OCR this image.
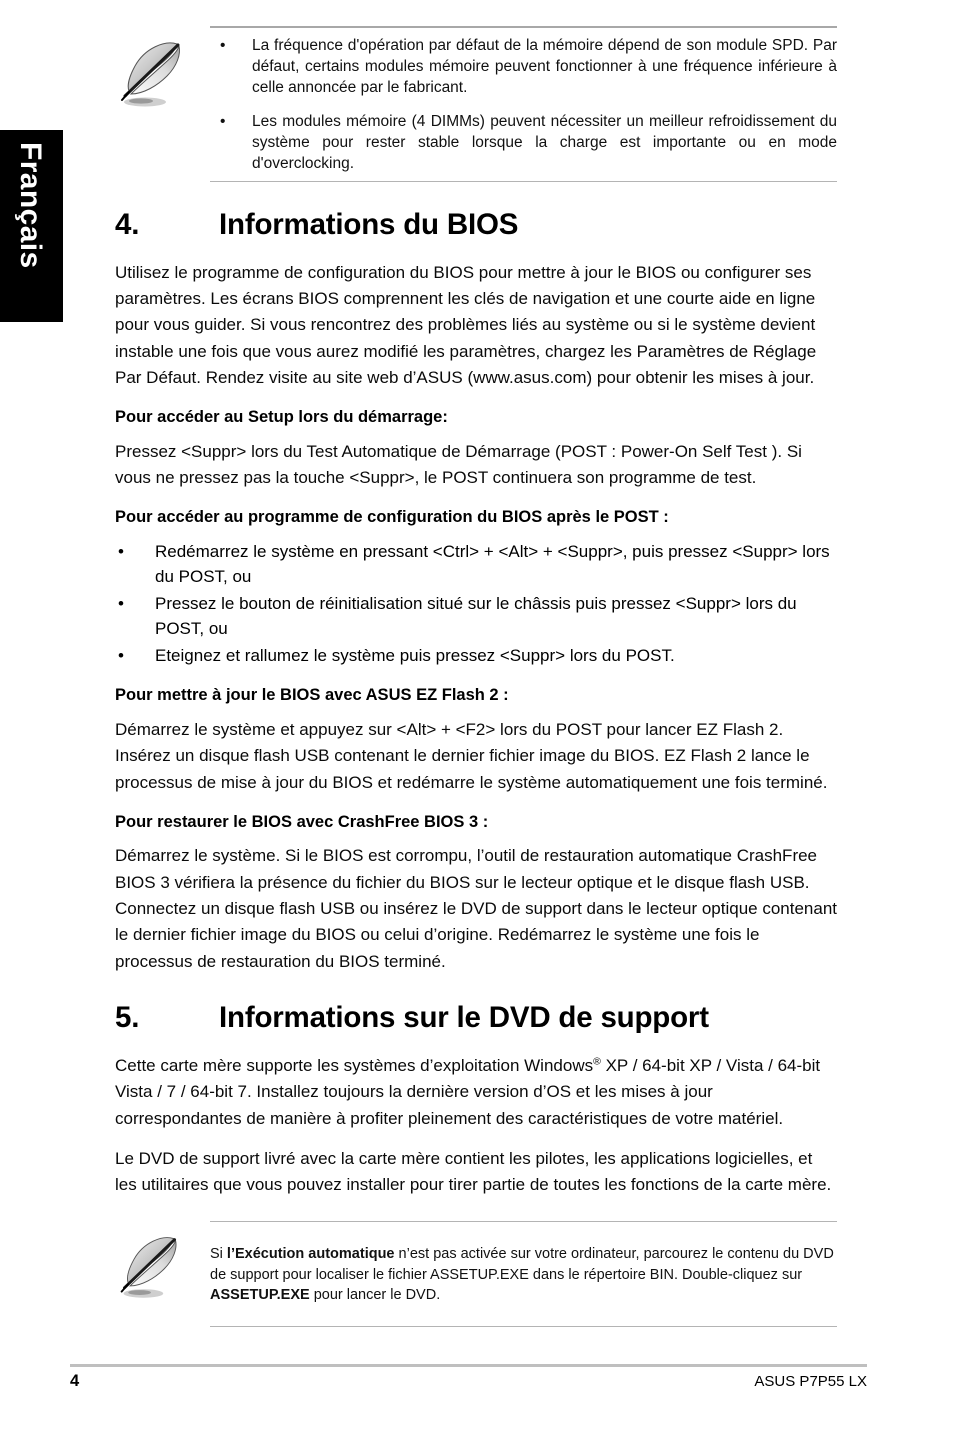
Français
• La fréquence d'opération par défaut de la mémoire dépend de son module SPD. Par défaut, certains modules mémoire peuvent fonctionner à une fréquence inférieure à celle annoncée par le fabricant.
• Les modules mémoire (4 DIMMs) peuvent nécessiter un meilleur refroidissement du système pour rester stable lorsque la charge est importante ou en mode d'overclocking.
4.	Informations du BIOS

Utilisez le programme de configuration du BIOS pour mettre à jour le BIOS ou configurer ses paramètres. Les écrans BIOS comprennent les clés de navigation et une courte aide en ligne pour vous guider. Si vous rencontrez des problèmes liés au système ou si le système devient instable une fois que vous aurez modifié les paramètres, chargez les Paramètres de Réglage Par Défaut. Rendez visite au site web d’ASUS (www.asus.com) pour obtenir les mises à jour.

Pour accéder au Setup lors du démarrage:

Pressez <Suppr> lors du Test Automatique de Démarrage (POST : Power-On Self Test ). Si vous ne pressez pas la touche <Suppr>, le POST continuera son programme de test.

Pour accéder au programme de configuration du BIOS après le POST :
• Redémarrez le système en pressant <Ctrl> + <Alt> + <Suppr>, puis pressez <Suppr> lors du POST, ou
• Pressez le bouton de réinitialisation situé sur le châssis puis pressez <Suppr> lors du POST, ou
• Eteignez et rallumez le système puis pressez <Suppr> lors du POST.
Pour mettre à jour le BIOS avec ASUS EZ Flash 2 :

Démarrez le système et appuyez sur <Alt> + <F2> lors du POST pour lancer EZ Flash 2. Insérez un disque flash USB contenant le dernier fichier image du BIOS. EZ Flash 2 lance le processus de mise à jour du BIOS et redémarre le système automatiquement une fois terminé.

Pour restaurer le BIOS avec CrashFree BIOS 3 :

Démarrez le système. Si le BIOS est corrompu, l’outil de restauration automatique CrashFree BIOS 3 vérifiera la présence du fichier du BIOS sur le lecteur optique et le disque flash USB. Connectez un disque flash USB ou insérez le DVD de support dans le lecteur optique contenant le dernier fichier image du BIOS ou celui d’origine. Redémarrez le système une fois le processus de restauration du BIOS terminé.

5.	Informations sur le DVD de support

Cette carte mère supporte les systèmes d’exploitation Windows® XP / 64-bit XP / Vista / 64-bit Vista / 7 / 64-bit 7. Installez toujours la dernière version d’OS et les mises à jour correspondantes de manière à profiter pleinement des caractéristiques de votre matériel.

Le DVD de support livré avec la carte mère contient les pilotes, les applications logicielles, et les utilitaires que vous pouvez installer pour tirer partie de toutes les fonctions de la carte mère.

Si l’Exécution automatique n’est pas activée sur votre ordinateur, parcourez le contenu du DVD de support pour localiser le fichier ASSETUP.EXE dans le répertoire BIN. Double-cliquez sur ASSETUP.EXE pour lancer le DVD.

4	ASUS P7P55 LX
